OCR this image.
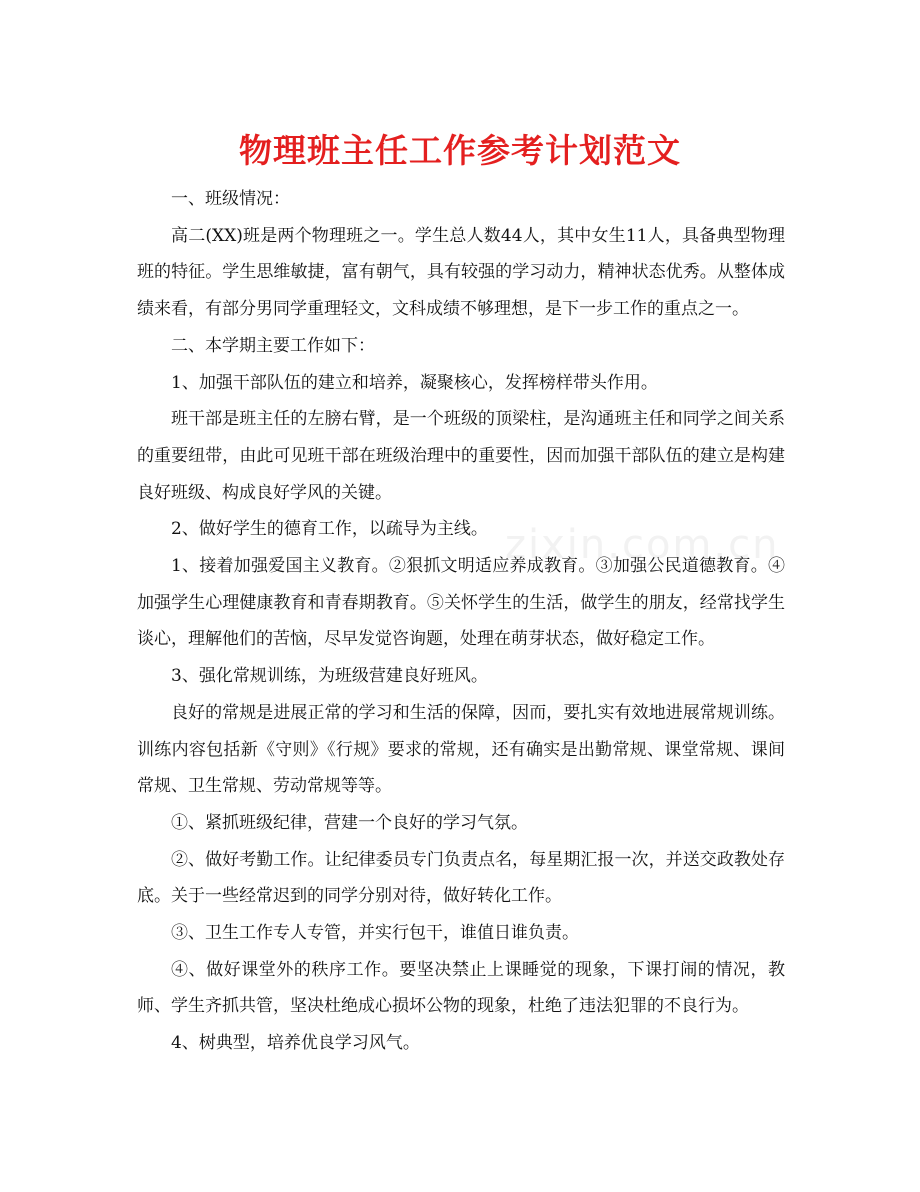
zixin.com.cn
物理班主任工作参考计划范文

一、班级情况：

高二(XX)班是两个物理班之一。学生总人数44人，其中女生11人，具备典型物理班的特征。学生思维敏捷，富有朝气，具有较强的学习动力，精神状态优秀。从整体成绩来看，有部分男同学重理轻文，文科成绩不够理想，是下一步工作的重点之一。

二、本学期主要工作如下：

1、加强干部队伍的建立和培养，凝聚核心，发挥榜样带头作用。

班干部是班主任的左膀右臂，是一个班级的顶梁柱，是沟通班主任和同学之间关系的重要纽带，由此可见班干部在班级治理中的重要性，因而加强干部队伍的建立是构建良好班级、构成良好学风的关键。

2、做好学生的德育工作，以疏导为主线。

1、接着加强爱国主义教育。②狠抓文明适应养成教育。③加强公民道德教育。④加强学生心理健康教育和青春期教育。⑤关怀学生的生活，做学生的朋友，经常找学生谈心，理解他们的苦恼，尽早发觉咨询题，处理在萌芽状态，做好稳定工作。

3、强化常规训练，为班级营建良好班风。

良好的常规是进展正常的学习和生活的保障，因而，要扎实有效地进展常规训练。训练内容包括新《守则》《行规》要求的常规，还有确实是出勤常规、课堂常规、课间常规、卫生常规、劳动常规等等。

①、紧抓班级纪律，营建一个良好的学习气氛。

②、做好考勤工作。让纪律委员专门负责点名，每星期汇报一次，并送交政教处存底。关于一些经常迟到的同学分别对待，做好转化工作。

③、卫生工作专人专管，并实行包干，谁值日谁负责。

④、做好课堂外的秩序工作。要坚决禁止上课睡觉的现象，下课打闹的情况，教师、学生齐抓共管，坚决杜绝成心损坏公物的现象，杜绝了违法犯罪的不良行为。

4、树典型，培养优良学习风气。
